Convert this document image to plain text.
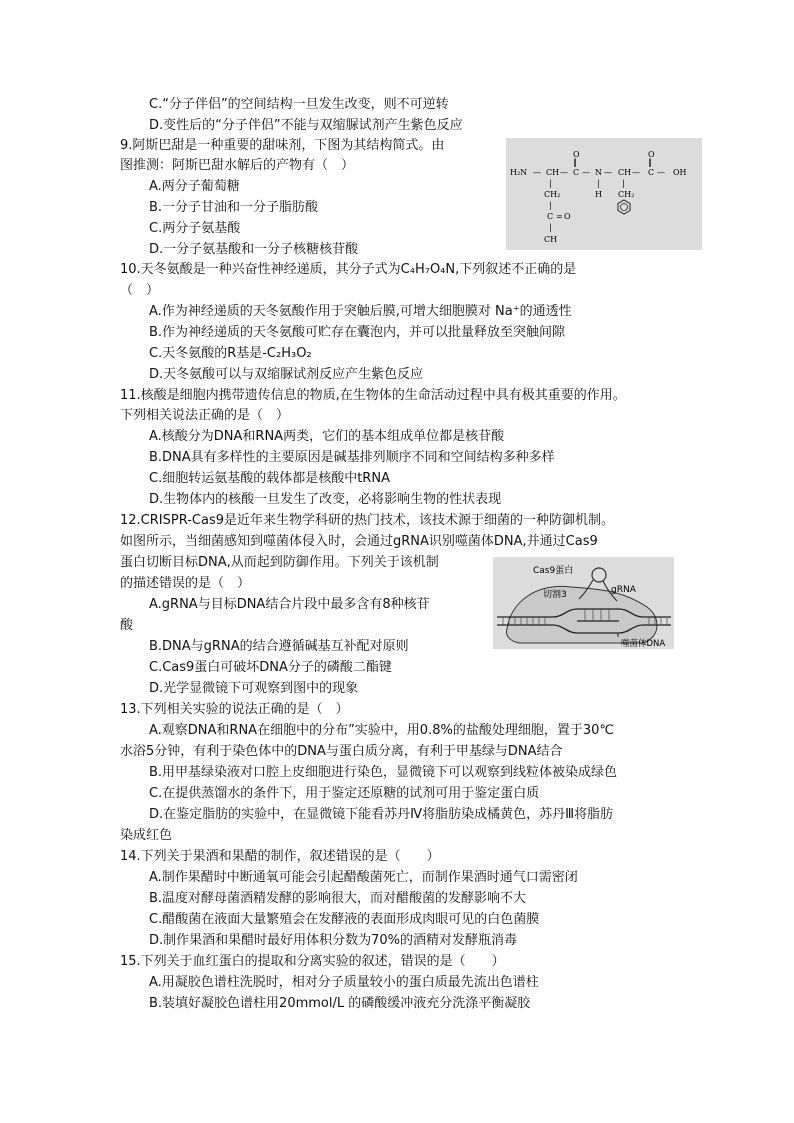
C.“分子伴侣”的空间结构一旦发生改变，则不可逆转
D.变性后的“分子伴侣”不能与双缩脲试剂产生紫色反应
9.阿斯巴甜是一种重要的甜味剂，下图为其结构简式。由
图推测：阿斯巴甜水解后的产物有（　）
A.两分子葡萄糖
B.一分子甘油和一分子脂肪酸
C.两分子氨基酸
D.一分子氨基酸和一分子核糖核苷酸
H₂N — CH — C — N — CH — C — OH
O
‖
O
‖
|
CH₂
|
H
|
CH₂
|
C = O
|
CH
10.天冬氨酸是一种兴奋性神经递质，其分子式为C₄H₇O₄N,下列叙述不正确的是
（　）
A.作为神经递质的天冬氨酸作用于突触后膜,可增大细胞膜对 Na⁺的通透性
B.作为神经递质的天冬氨酸可贮存在囊泡内，并可以批量释放至突触间隙
C.天冬氨酸的R基是-C₂H₃O₂
D.天冬氨酸可以与双缩脲试剂反应产生紫色反应
11.核酸是细胞内携带遗传信息的物质,在生物体的生命活动过程中具有极其重要的作用。
下列相关说法正确的是（　）
A.核酸分为DNA和RNA两类，它们的基本组成单位都是核苷酸
B.DNA具有多样性的主要原因是碱基排列顺序不同和空间结构多种多样
C.细胞转运氨基酸的载体都是核酸中tRNA
D.生物体内的核酸一旦发生了改变，必将影响生物的性状表现
12.CRISPR-Cas9是近年来生物学科研的热门技术，该技术源于细菌的一种防御机制。
如图所示，当细菌感知到噬菌体侵入时，会通过gRNA识别噬菌体DNA,并通过Cas9
蛋白切断目标DNA,从而起到防御作用。下列关于该机制
的描述错误的是（　）
A.gRNA与目标DNA结合片段中最多含有8种核苷
酸
B.DNA与gRNA的结合遵循碱基互补配对原则
C.Cas9蛋白可破坏DNA分子的磷酸二酯键
D.光学显微镜下可观察到图中的现象
Cas9蛋白
gRNA
切割3
噬菌体DNA
13.下列相关实验的说法正确的是（　）
A.观察DNA和RNA在细胞中的分布”实验中，用0.8%的盐酸处理细胞，置于30℃
水浴5分钟，有利于染色体中的DNA与蛋白质分离，有利于甲基绿与DNA结合
B.用甲基绿染液对口腔上皮细胞进行染色，显微镜下可以观察到线粒体被染成绿色
C.在提供蒸馏水的条件下，用于鉴定还原糖的试剂可用于鉴定蛋白质
D.在鉴定脂肪的实验中，在显微镜下能看苏丹Ⅳ将脂肪染成橘黄色，苏丹Ⅲ将脂肪
染成红色
14.下列关于果酒和果醋的制作，叙述错误的是（　　）
A.制作果醋时中断通氧可能会引起醋酸菌死亡，而制作果酒时通气口需密闭
B.温度对酵母菌酒精发酵的影响很大，而对醋酸菌的发酵影响不大
C.醋酸菌在液面大量繁殖会在发酵液的表面形成肉眼可见的白色菌膜
D.制作果酒和果醋时最好用体积分数为70%的酒精对发酵瓶消毒
15.下列关于血红蛋白的提取和分离实验的叙述，错误的是（　　）
A.用凝胶色谱柱洗脱时，相对分子质量较小的蛋白质最先流出色谱柱
B.装填好凝胶色谱柱用20mmol/L 的磷酸缓冲液充分洗涤平衡凝胶
